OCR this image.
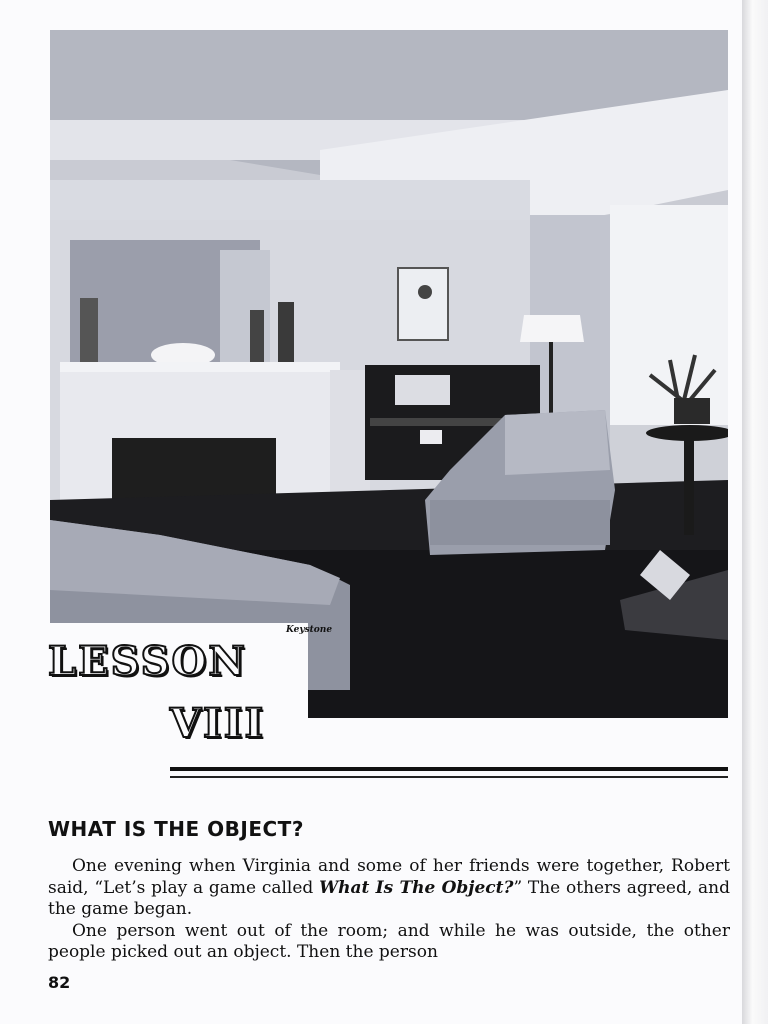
Keystone
LESSON
VIII
WHAT IS THE OBJECT?

One evening when Virginia and some of her friends were together, Robert said, “Let’s play a game called What Is The Object?” The others agreed, and the game began.

One person went out of the room; and while he was outside, the other people picked out an object. Then the person

82
